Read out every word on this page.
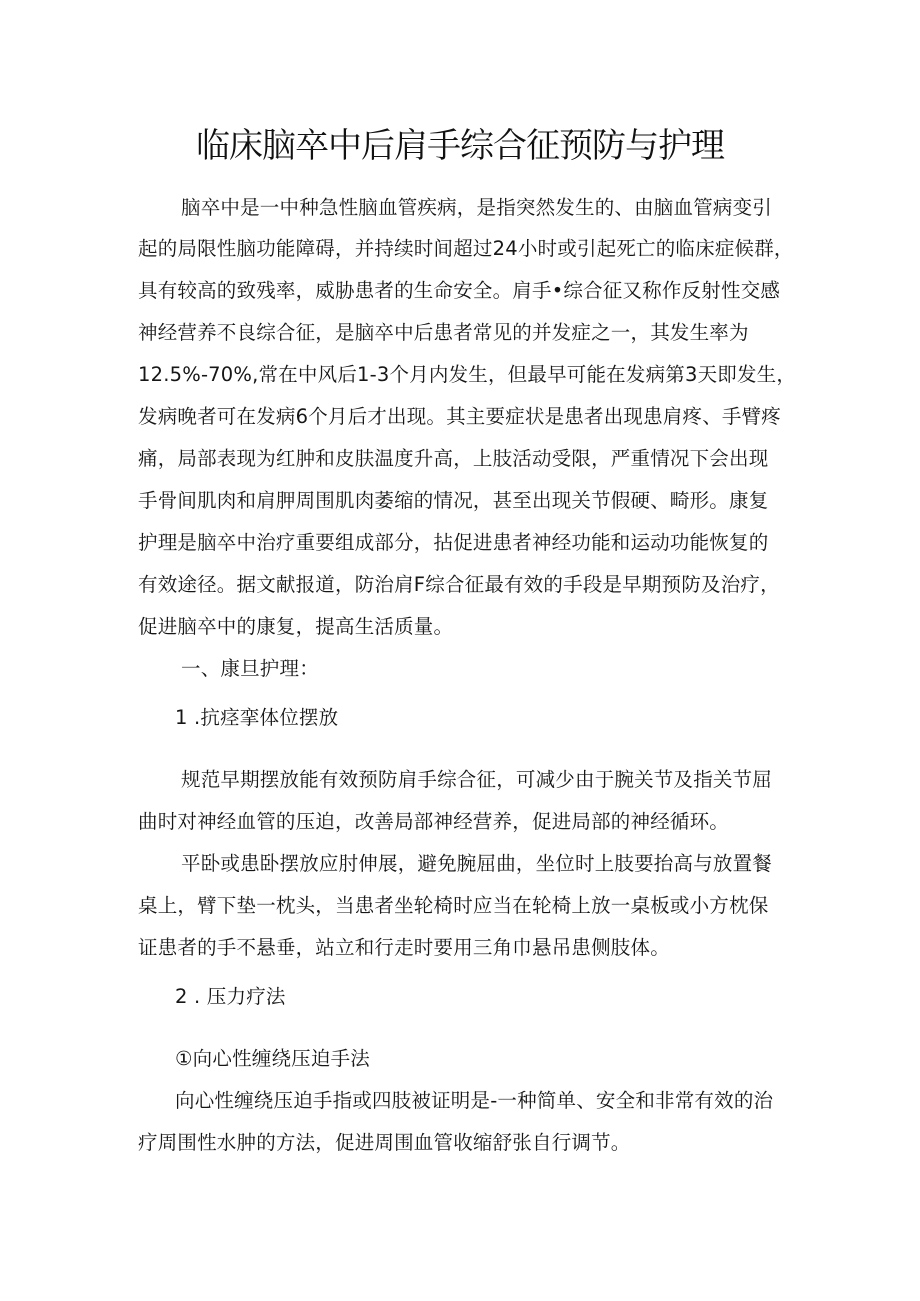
临床脑卒中后肩手综合征预防与护理
脑卒中是一中种急性脑血管疾病，是指突然发生的、由脑血管病变引
起的局限性脑功能障碍，并持续时间超过24小时或引起死亡的临床症候群，
具有较高的致残率，威胁患者的生命安全。肩手•综合征又称作反射性交感
神经营养不良综合征，是脑卒中后患者常见的并发症之一，其发生率为
12.5%-70%,常在中风后1-3个月内发生，但最早可能在发病第3天即发生，
发病晚者可在发病6个月后才出现。其主要症状是患者出现患肩疼、手臂疼
痛，局部表现为红肿和皮肤温度升高，上肢活动受限，严重情况下会出现
手骨间肌肉和肩胛周围肌肉萎缩的情况，甚至出现关节假硬、畸形。康复
护理是脑卒中治疗重要组成部分，拈促进患者神经功能和运动功能恢复的
有效途径。据文献报道，防治肩F综合征最有效的手段是早期预防及治疗，
促进脑卒中的康复，提高生活质量。
一、康旦护理：
1 .抗痉挛体位摆放
规范早期摆放能有效预防肩手综合征，可减少由于腕关节及指关节屈
曲时对神经血管的压迫，改善局部神经营养，促进局部的神经循环。
平卧或患卧摆放应肘伸展，避免腕屈曲，坐位时上肢要抬高与放置餐
桌上，臂下垫一枕头，当患者坐轮椅时应当在轮椅上放一桌板或小方枕保
证患者的手不悬垂，站立和行走时要用三角巾悬吊患侧肢体。
2 . 压力疗法
①向心性缠绕压迫手法
向心性缠绕压迫手指或四肢被证明是-一种简单、安全和非常有效的治
疗周围性水肿的方法，促进周围血管收缩舒张自行调节。
